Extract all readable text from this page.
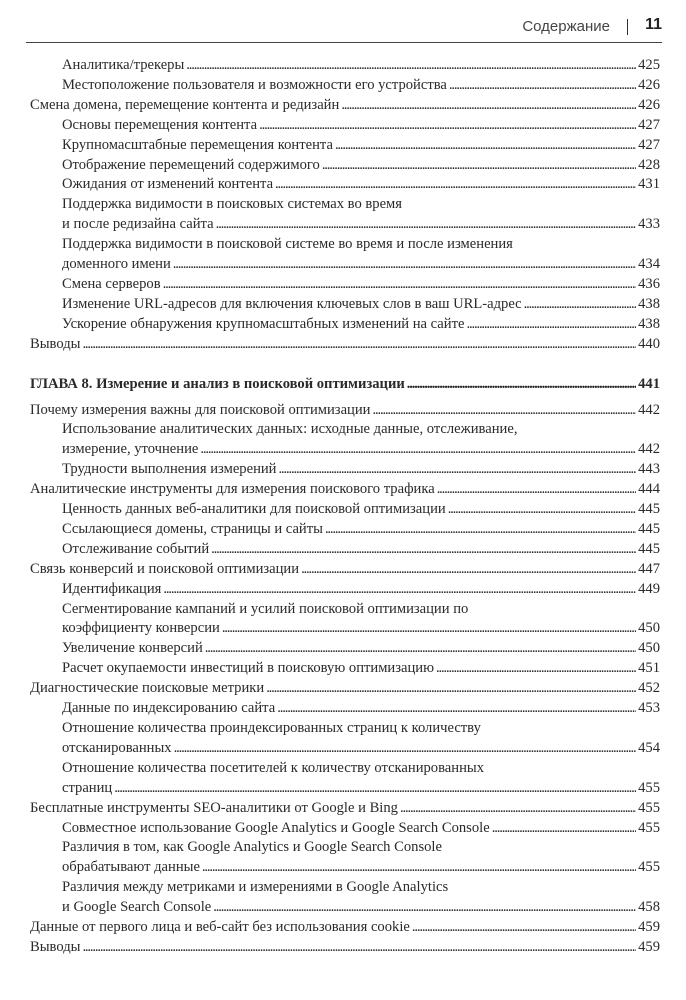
Содержание 11
Аналитика/трекеры . . .	425
Местоположение пользователя и возможности его устройства . . .	426
Смена домена, перемещение контента и редизайн . . .	426
Основы перемещения контента . . .	427
Крупномасштабные перемещения контента . . .	427
Отображение перемещений содержимого . . .	428
Ожидания от изменений контента . . .	431
Поддержка видимости в поисковых системах во время
и после редизайна сайта . . .	433
Поддержка видимости в поисковой системе во время и после изменения
доменного имени . . .	434
Смена серверов . . .	436
Изменение URL-адресов для включения ключевых слов в ваш URL-адрес . . .	438
Ускорение обнаружения крупномасштабных изменений на сайте . . .	438
Выводы . . .	440
ГЛАВА 8. Измерение и анализ в поисковой оптимизации . . .	441
Почему измерения важны для поисковой оптимизации . . .	442
Использование аналитических данных: исходные данные, отслеживание,
измерение, уточнение . . .	442
Трудности выполнения измерений . . .	443
Аналитические инструменты для измерения поискового трафика . . .	444
Ценность данных веб-аналитики для поисковой оптимизации . . .	445
Ссылающиеся домены, страницы и сайты . . .	445
Отслеживание событий . . .	445
Связь конверсий и поисковой оптимизации . . .	447
Идентификация . . .	449
Сегментирование кампаний и усилий поисковой оптимизации по
коэффициенту конверсии . . .	450
Увеличение конверсий . . .	450
Расчет окупаемости инвестиций в поисковую оптимизацию . . .	451
Диагностические поисковые метрики . . .	452
Данные по индексированию сайта . . .	453
Отношение количества проиндексированных страниц к количеству
отсканированных . . .	454
Отношение количества посетителей к количеству отсканированных
страниц . . .	455
Бесплатные инструменты SEO-аналитики от Google и Bing . . .	455
Совместное использование Google Analytics и Google Search Console . . .	455
Различия в том, как Google Analytics и Google Search Console
обрабатывают данные . . .	455
Различия между метриками и измерениями в Google Analytics
и Google Search Console . . .	458
Данные от первого лица и веб-сайт без использования cookie . . .	459
Выводы . . .	459
